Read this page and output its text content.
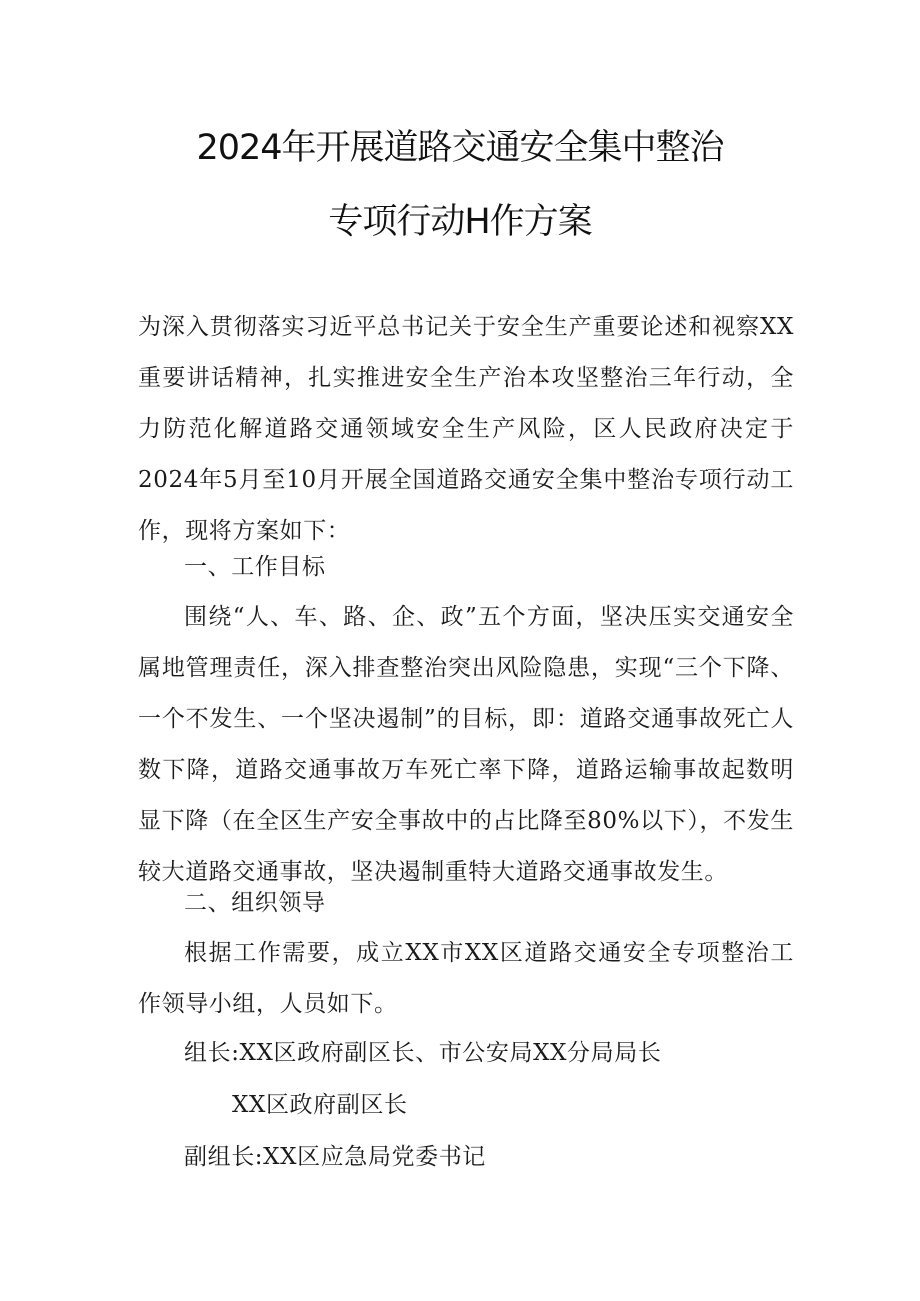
2024年开展道路交通安全集中整治
专项行动H作方案

为深入贯彻落实习近平总书记关于安全生产重要论述和视察XX重要讲话精神，扎实推进安全生产治本攻坚整治三年行动，全力防范化解道路交通领域安全生产风险，区人民政府决定于2024年5月至10月开展全国道路交通安全集中整治专项行动工作，现将方案如下：

一、工作目标

围绕“人、车、路、企、政”五个方面，坚决压实交通安全属地管理责任，深入排查整治突出风险隐患，实现“三个下降、一个不发生、一个坚决遏制”的目标，即：道路交通事故死亡人数下降，道路交通事故万车死亡率下降，道路运输事故起数明显下降（在全区生产安全事故中的占比降至80%以下），不发生较大道路交通事故，坚决遏制重特大道路交通事故发生。

二、组织领导

根据工作需要，成立XX市XX区道路交通安全专项整治工作领导小组，人员如下。

组长:XX区政府副区长、市公安局XX分局局长

XX区政府副区长

副组长:XX区应急局党委书记
